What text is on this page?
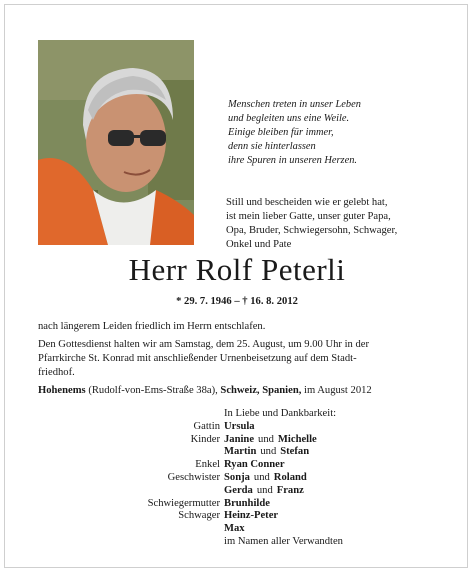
Menschen treten in unser Leben
und begleiten uns eine Weile.
Einige bleiben für immer,
denn sie hinterlassen
ihre Spuren in unseren Herzen.
Still und bescheiden wie er gelebt hat,
ist mein lieber Gatte, unser guter Papa,
Opa, Bruder, Schwiegersohn, Schwager,
Onkel und Pate
Herr Rolf Peterli
* 29. 7. 1946 – † 16. 8. 2012
nach längerem Leiden friedlich im Herrn entschlafen.
Den Gottesdienst halten wir am Samstag, dem 25. August, um 9.00 Uhr in der
Pfarrkirche St. Konrad mit anschließender Urnenbeisetzung auf dem Stadt-
friedhof.
Hohenems (Rudolf-von-Ems-Straße 38a), Schweiz, Spanien, im August 2012
In Liebe und Dankbarkeit:
Gattin Ursula
Kinder Janine und Michelle
Martin und Stefan
Enkel Ryan Conner
Geschwister Sonja und Roland
Gerda und Franz
Schwiegermutter Brunhilde
Schwager Heinz-Peter
Max
im Namen aller Verwandten
